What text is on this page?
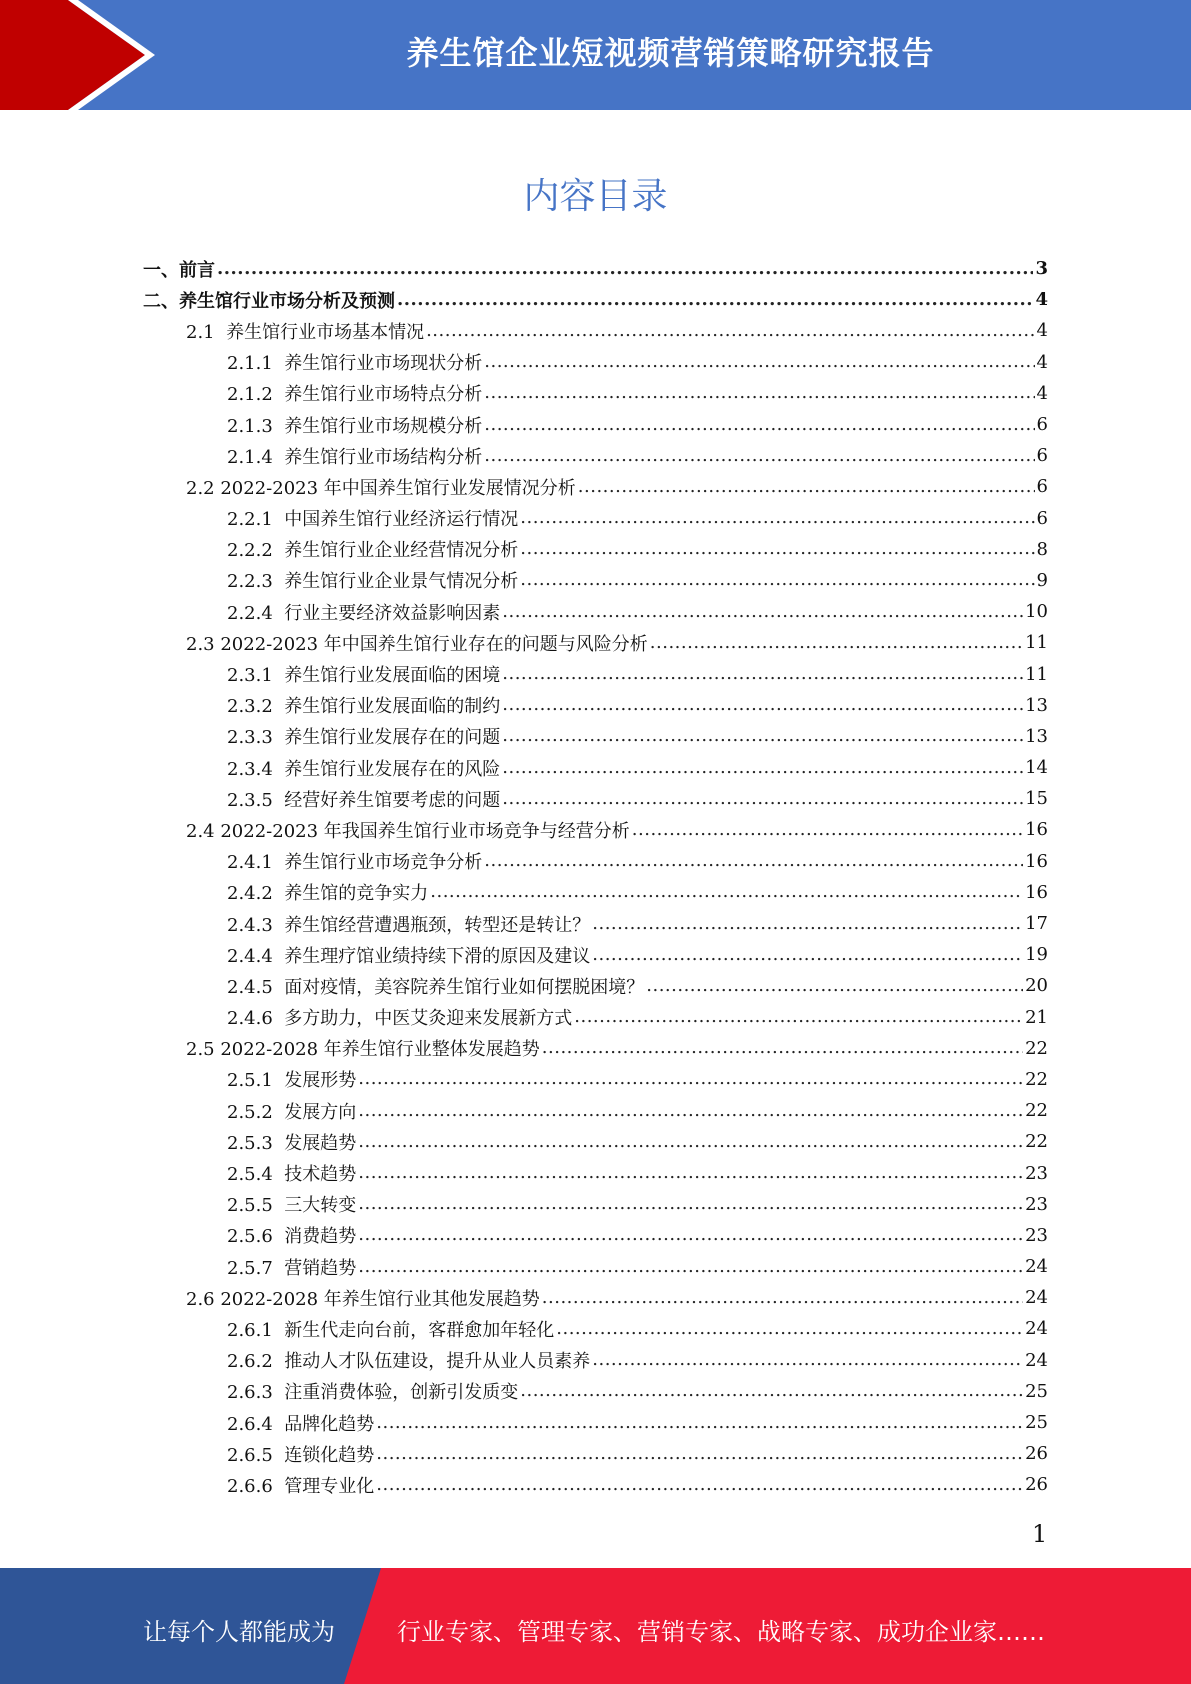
养生馆企业短视频营销策略研究报告
内容目录
一、前言 .....	3
二、养生馆行业市场分析及预测 .....	4
2.1  养生馆行业市场基本情况 .....	4
2.1.1  养生馆行业市场现状分析 .....	4
2.1.2  养生馆行业市场特点分析 .....	4
2.1.3  养生馆行业市场规模分析 .....	6
2.1.4  养生馆行业市场结构分析 .....	6
2.2 2022-2023 年中国养生馆行业发展情况分析 .....	6
2.2.1  中国养生馆行业经济运行情况 .....	6
2.2.2  养生馆行业企业经营情况分析 .....	8
2.2.3  养生馆行业企业景气情况分析 .....	9
2.2.4  行业主要经济效益影响因素 .....	10
2.3 2022-2023 年中国养生馆行业存在的问题与风险分析 .....	11
2.3.1  养生馆行业发展面临的困境 .....	11
2.3.2  养生馆行业发展面临的制约 .....	13
2.3.3  养生馆行业发展存在的问题 .....	13
2.3.4  养生馆行业发展存在的风险 .....	14
2.3.5  经营好养生馆要考虑的问题 .....	15
2.4 2022-2023 年我国养生馆行业市场竞争与经营分析 .....	16
2.4.1  养生馆行业市场竞争分析 .....	16
2.4.2  养生馆的竞争实力 .....	16
2.4.3  养生馆经营遭遇瓶颈，转型还是转让？ .....	17
2.4.4  养生理疗馆业绩持续下滑的原因及建议 .....	19
2.4.5  面对疫情，美容院养生馆行业如何摆脱困境？ .....	20
2.4.6  多方助力，中医艾灸迎来发展新方式 .....	21
2.5 2022-2028 年养生馆行业整体发展趋势 .....	22
2.5.1  发展形势 .....	22
2.5.2  发展方向 .....	22
2.5.3  发展趋势 .....	22
2.5.4  技术趋势 .....	23
2.5.5  三大转变 .....	23
2.5.6  消费趋势 .....	23
2.5.7  营销趋势 .....	24
2.6 2022-2028 年养生馆行业其他发展趋势 .....	24
2.6.1  新生代走向台前，客群愈加年轻化 .....	24
2.6.2  推动人才队伍建设，提升从业人员素养 .....	24
2.6.3  注重消费体验，创新引发质变 .....	25
2.6.4  品牌化趋势 .....	25
2.6.5  连锁化趋势 .....	26
2.6.6  管理专业化 .....	26
1
让每个人都能成为	行业专家、管理专家、营销专家、战略专家、成功企业家……
